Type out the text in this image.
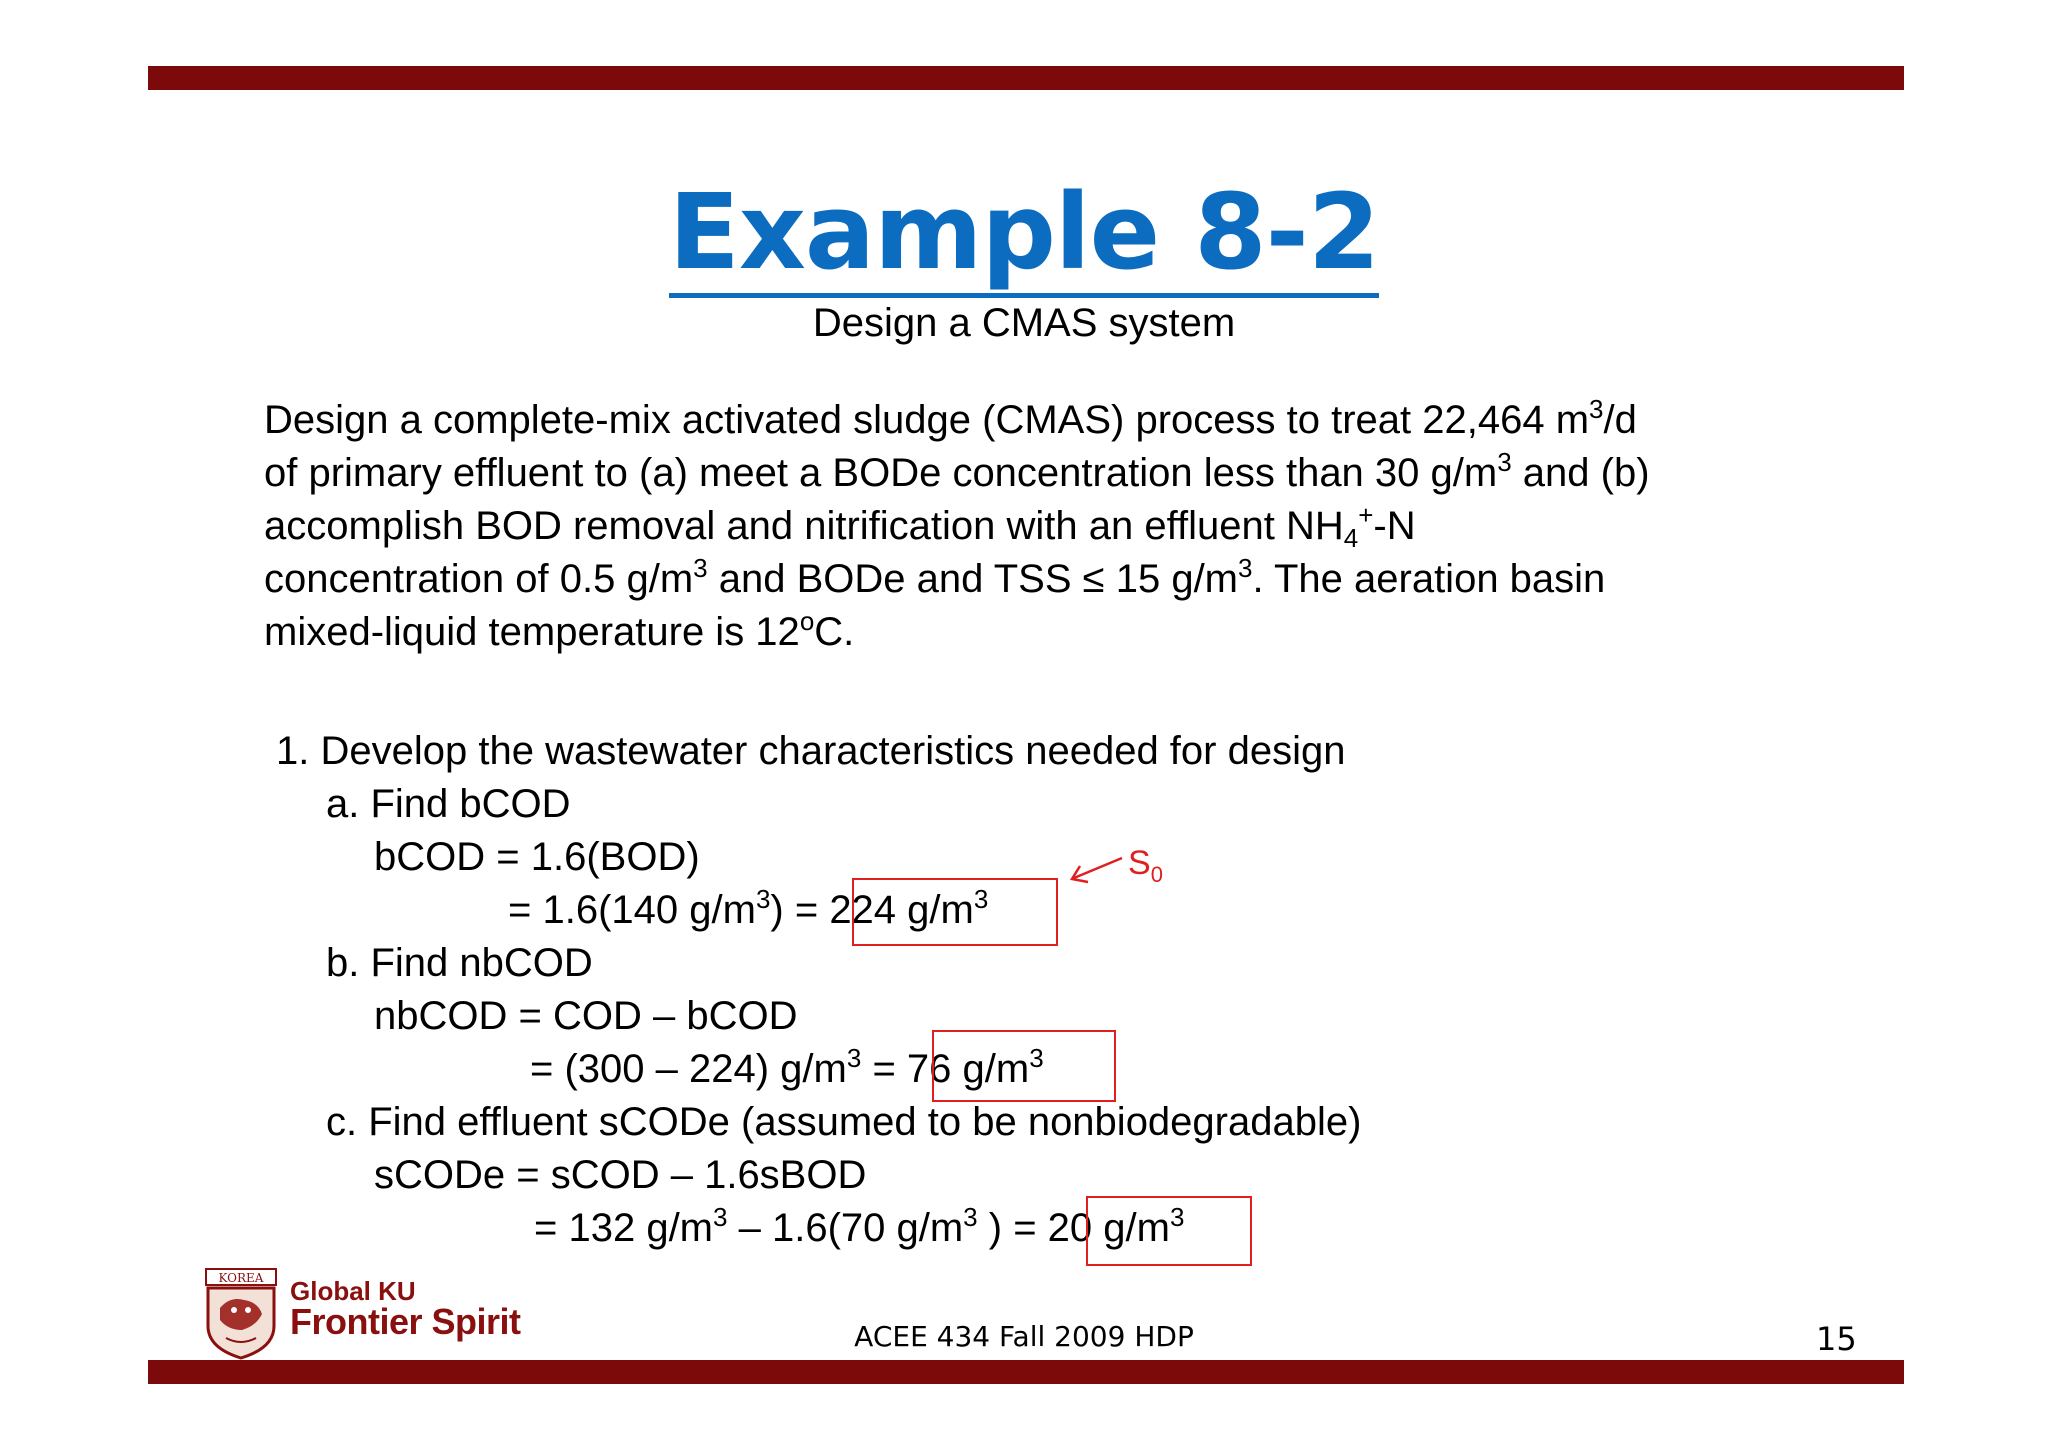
Example 8-2
Design a CMAS system
Design a complete-mix activated sludge (CMAS) process to treat 22,464 $m^3/d$
of primary effluent to (a) meet a BODe concentration less than 30 $g/m^3$ and (b)
accomplish BOD removal and nitrification with an effluent $NH_4^+-N$
concentration of 0.5 $g/m^3$ and BODe and TSS ≤ 15 $g/m^3$. The aeration basin
mixed-liquid temperature is 12$^o$C.
1. Develop the wastewater characteristics needed for design
a. Find bCOD
bCOD = 1.6(BOD)
= 1.6(140 $g/m^3) = 224$ $g/m^3$
b. Find nbCOD
nbCOD = COD – bCOD
= (300 – 224) $g/m^3 = 76$ $g/m^3$
c. Find effluent sCODe (assumed to be nonbiodegradable)
sCODe = sCOD – 1.6sBOD
= 132 $g/m^3 - 1.6(70$ $g/m^3$ ) = 20 $g/m^3$
$S_0$
KOREA Global KU
Frontier Spirit	ACEE 434 Fall 2009 HDP	15
